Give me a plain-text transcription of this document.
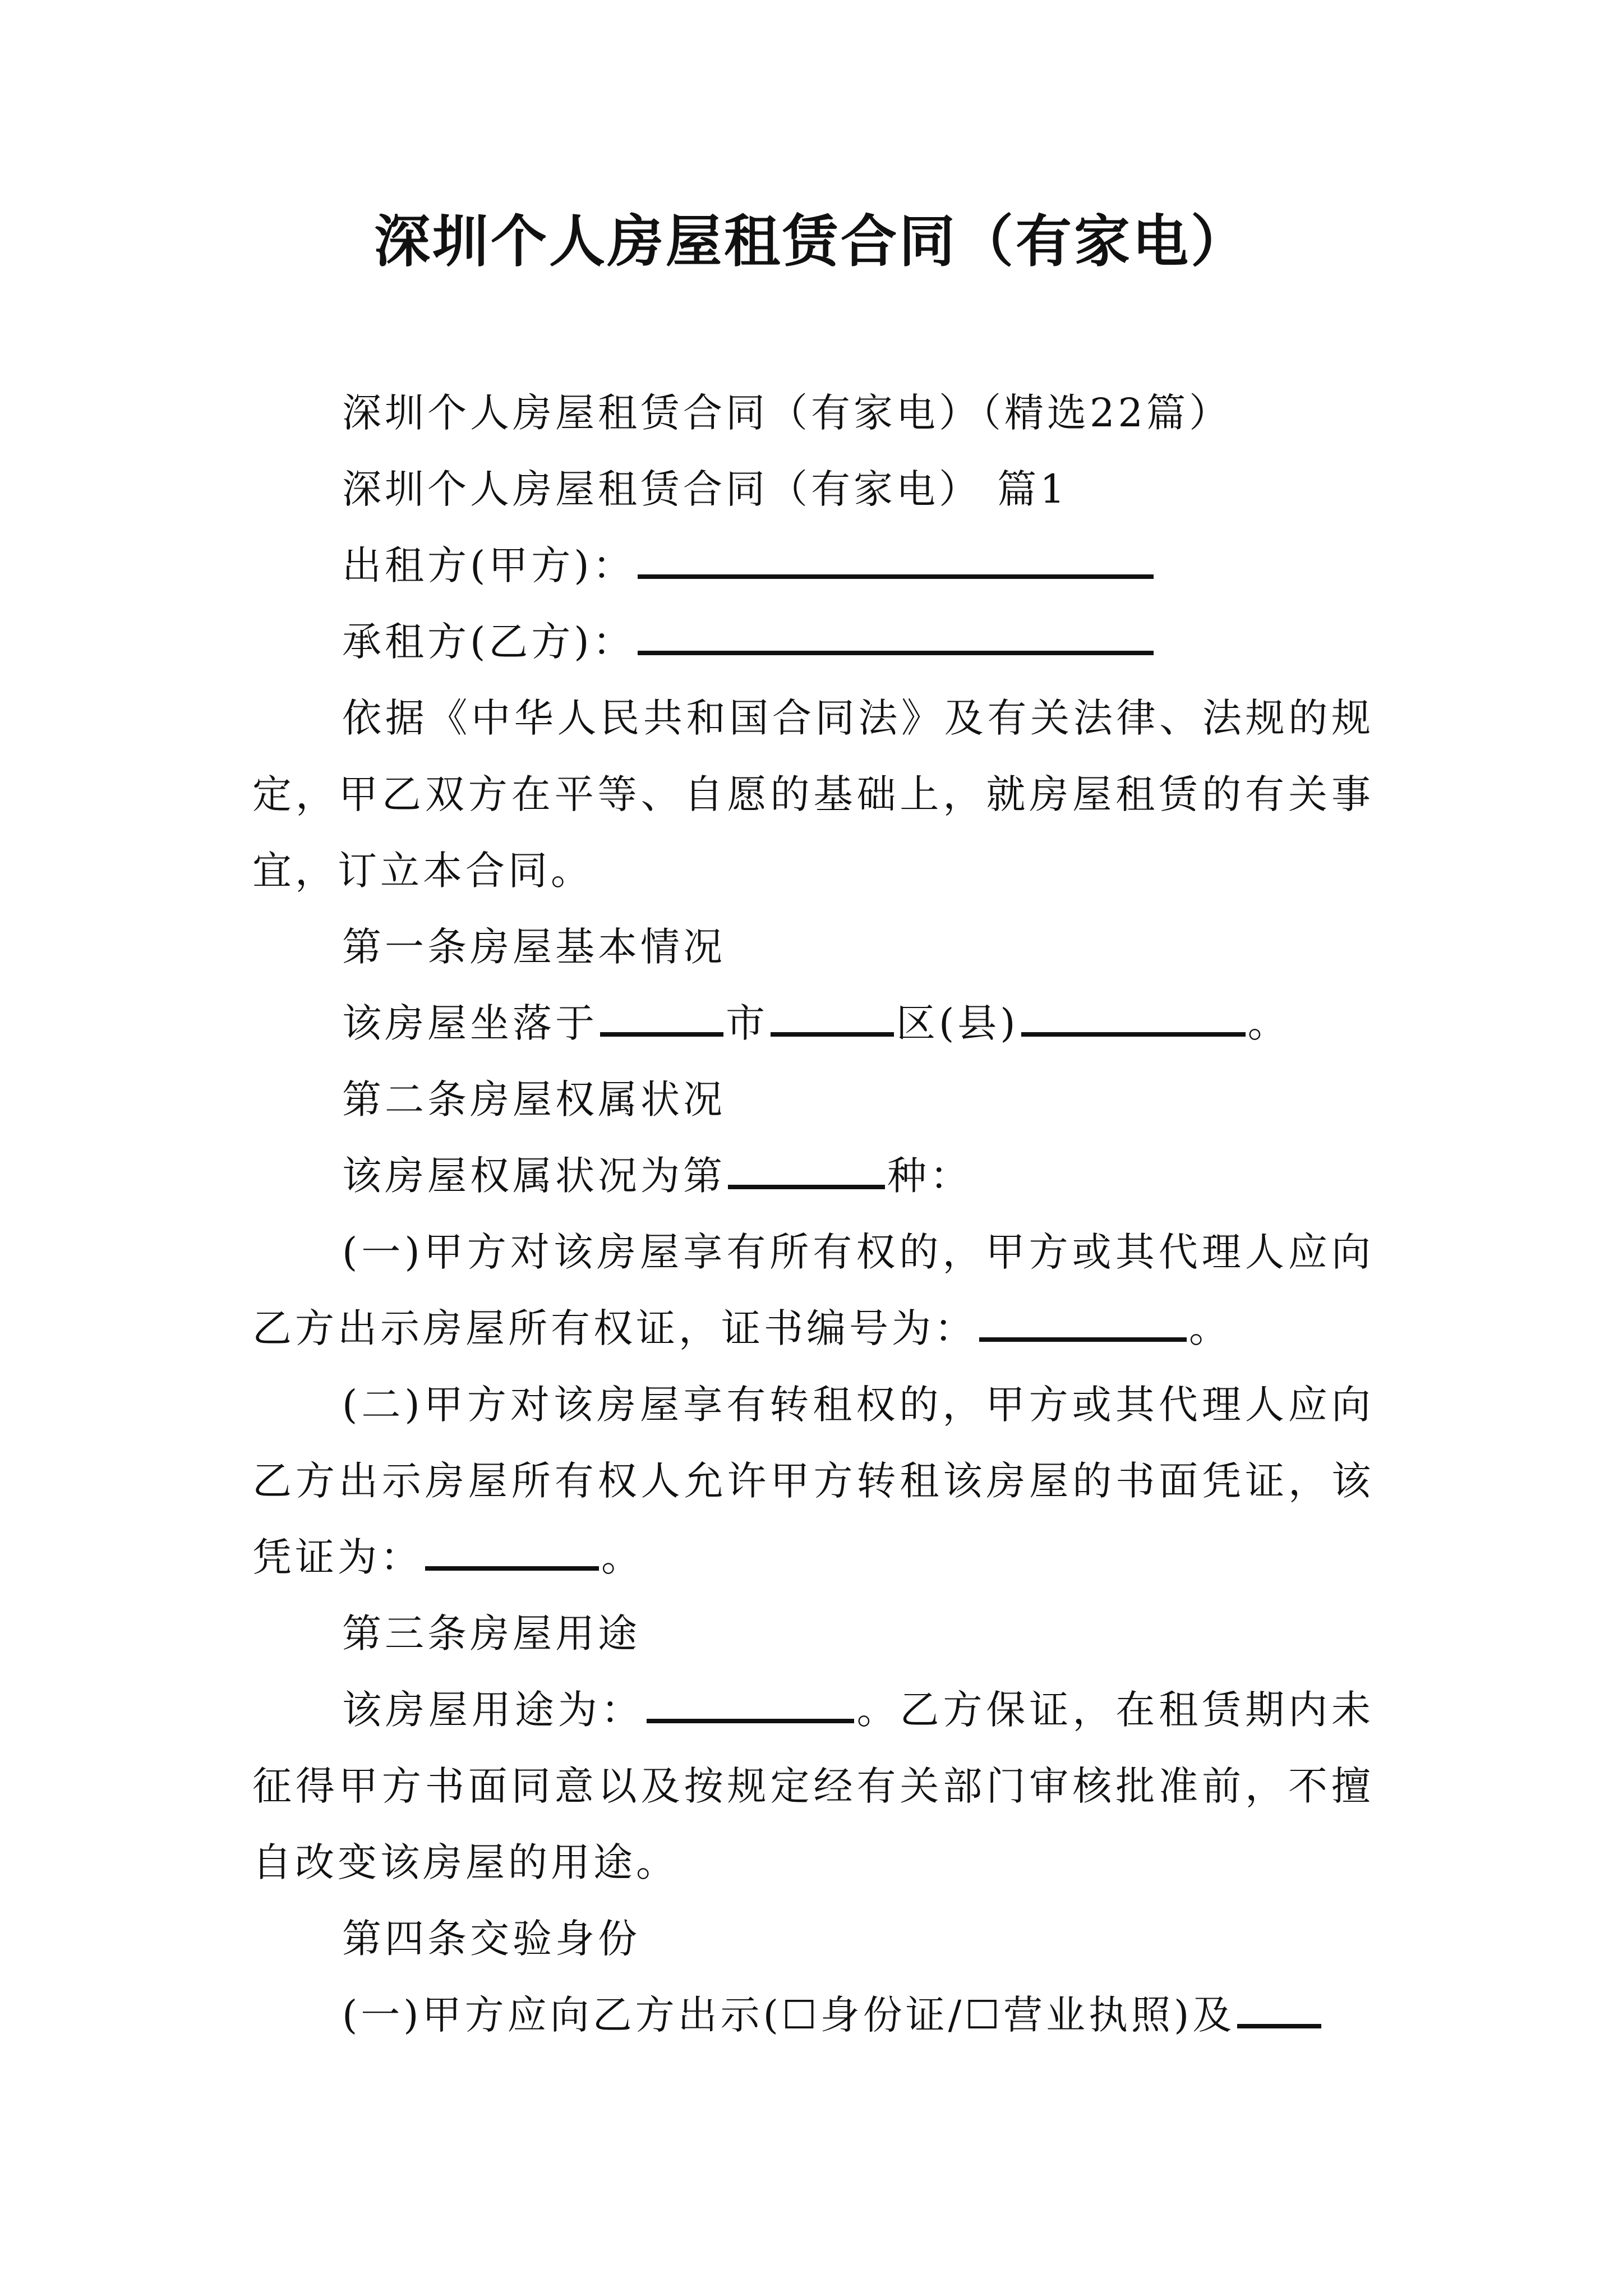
深圳个人房屋租赁合同（有家电）

深圳个人房屋租赁合同（有家电）（精选22篇）

深圳个人房屋租赁合同（有家电） 篇1

出租方(甲方)：

承租方(乙方)：

依据《中华人民共和国合同法》及有关法律、法规的规定，甲乙双方在平等、自愿的基础上，就房屋租赁的有关事宜，订立本合同。

第一条房屋基本情况

该房屋坐落于	市	区(县)	。

第二条房屋权属状况

该房屋权属状况为第	种：

(一)甲方对该房屋享有所有权的，甲方或其代理人应向乙方出示房屋所有权证，证书编号为：	。

(二)甲方对该房屋享有转租权的，甲方或其代理人应向乙方出示房屋所有权人允许甲方转租该房屋的书面凭证，该凭证为：	。

第三条房屋用途

该房屋用途为：	。乙方保证，在租赁期内未征得甲方书面同意以及按规定经有关部门审核批准前，不擅自改变该房屋的用途。

第四条交验身份

(一)甲方应向乙方出示(☐身份证/☐营业执照)及
